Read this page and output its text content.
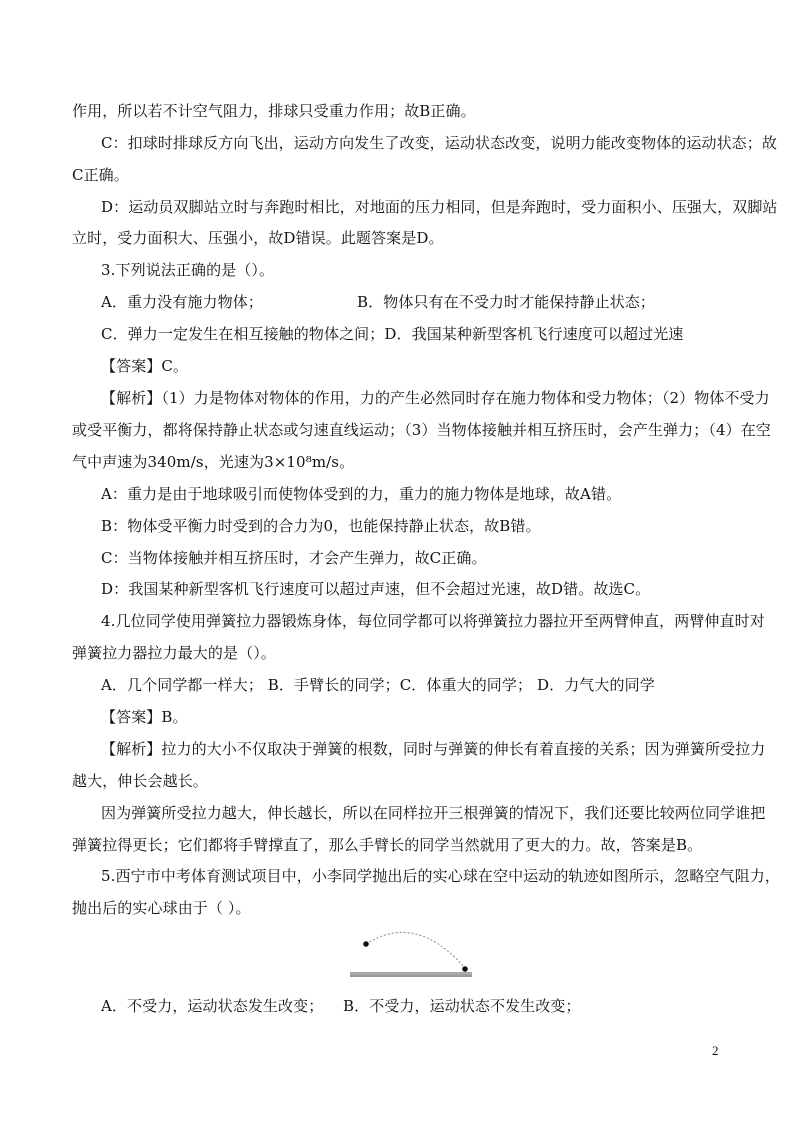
作用，所以若不计空气阻力，排球只受重力作用；故B正确。
C：扣球时排球反方向飞出，运动方向发生了改变，运动状态改变，说明力能改变物体的运动状态；故
C正确。
D：运动员双脚站立时与奔跑时相比，对地面的压力相同，但是奔跑时，受力面积小、压强大，双脚站
立时，受力面积大、压强小，故D错误。此题答案是D。
3.下列说法正确的是（）。
A．重力没有施力物体；	B．物体只有在不受力时才能保持静止状态；
C．弹力一定发生在相互接触的物体之间；D．我国某种新型客机飞行速度可以超过光速
【答案】C。
【解析】（1）力是物体对物体的作用，力的产生必然同时存在施力物体和受力物体；（2）物体不受力
或受平衡力，都将保持静止状态或匀速直线运动；（3）当物体接触并相互挤压时，会产生弹力；（4）在空
气中声速为340m/s，光速为3×10⁸m/s。
A：重力是由于地球吸引而使物体受到的力，重力的施力物体是地球，故A错。
B：物体受平衡力时受到的合力为0，也能保持静止状态，故B错。
C：当物体接触并相互挤压时，才会产生弹力，故C正确。
D：我国某种新型客机飞行速度可以超过声速，但不会超过光速，故D错。故选C。
4.几位同学使用弹簧拉力器锻炼身体，每位同学都可以将弹簧拉力器拉开至两臂伸直，两臂伸直时对
弹簧拉力器拉力最大的是（）。
A．几个同学都一样大； B．手臂长的同学；C．体重大的同学； D．力气大的同学
【答案】B。
【解析】拉力的大小不仅取决于弹簧的根数，同时与弹簧的伸长有着直接的关系；因为弹簧所受拉力
越大，伸长会越长。
因为弹簧所受拉力越大，伸长越长，所以在同样拉开三根弹簧的情况下，我们还要比较两位同学谁把
弹簧拉得更长；它们都将手臂撑直了，那么手臂长的同学当然就用了更大的力。故，答案是B。
5.西宁市中考体育测试项目中，小李同学抛出后的实心球在空中运动的轨迹如图所示，忽略空气阻力，
抛出后的实心球由于（ ）。
A．不受力，运动状态发生改变； B．不受力，运动状态不发生改变；
2
